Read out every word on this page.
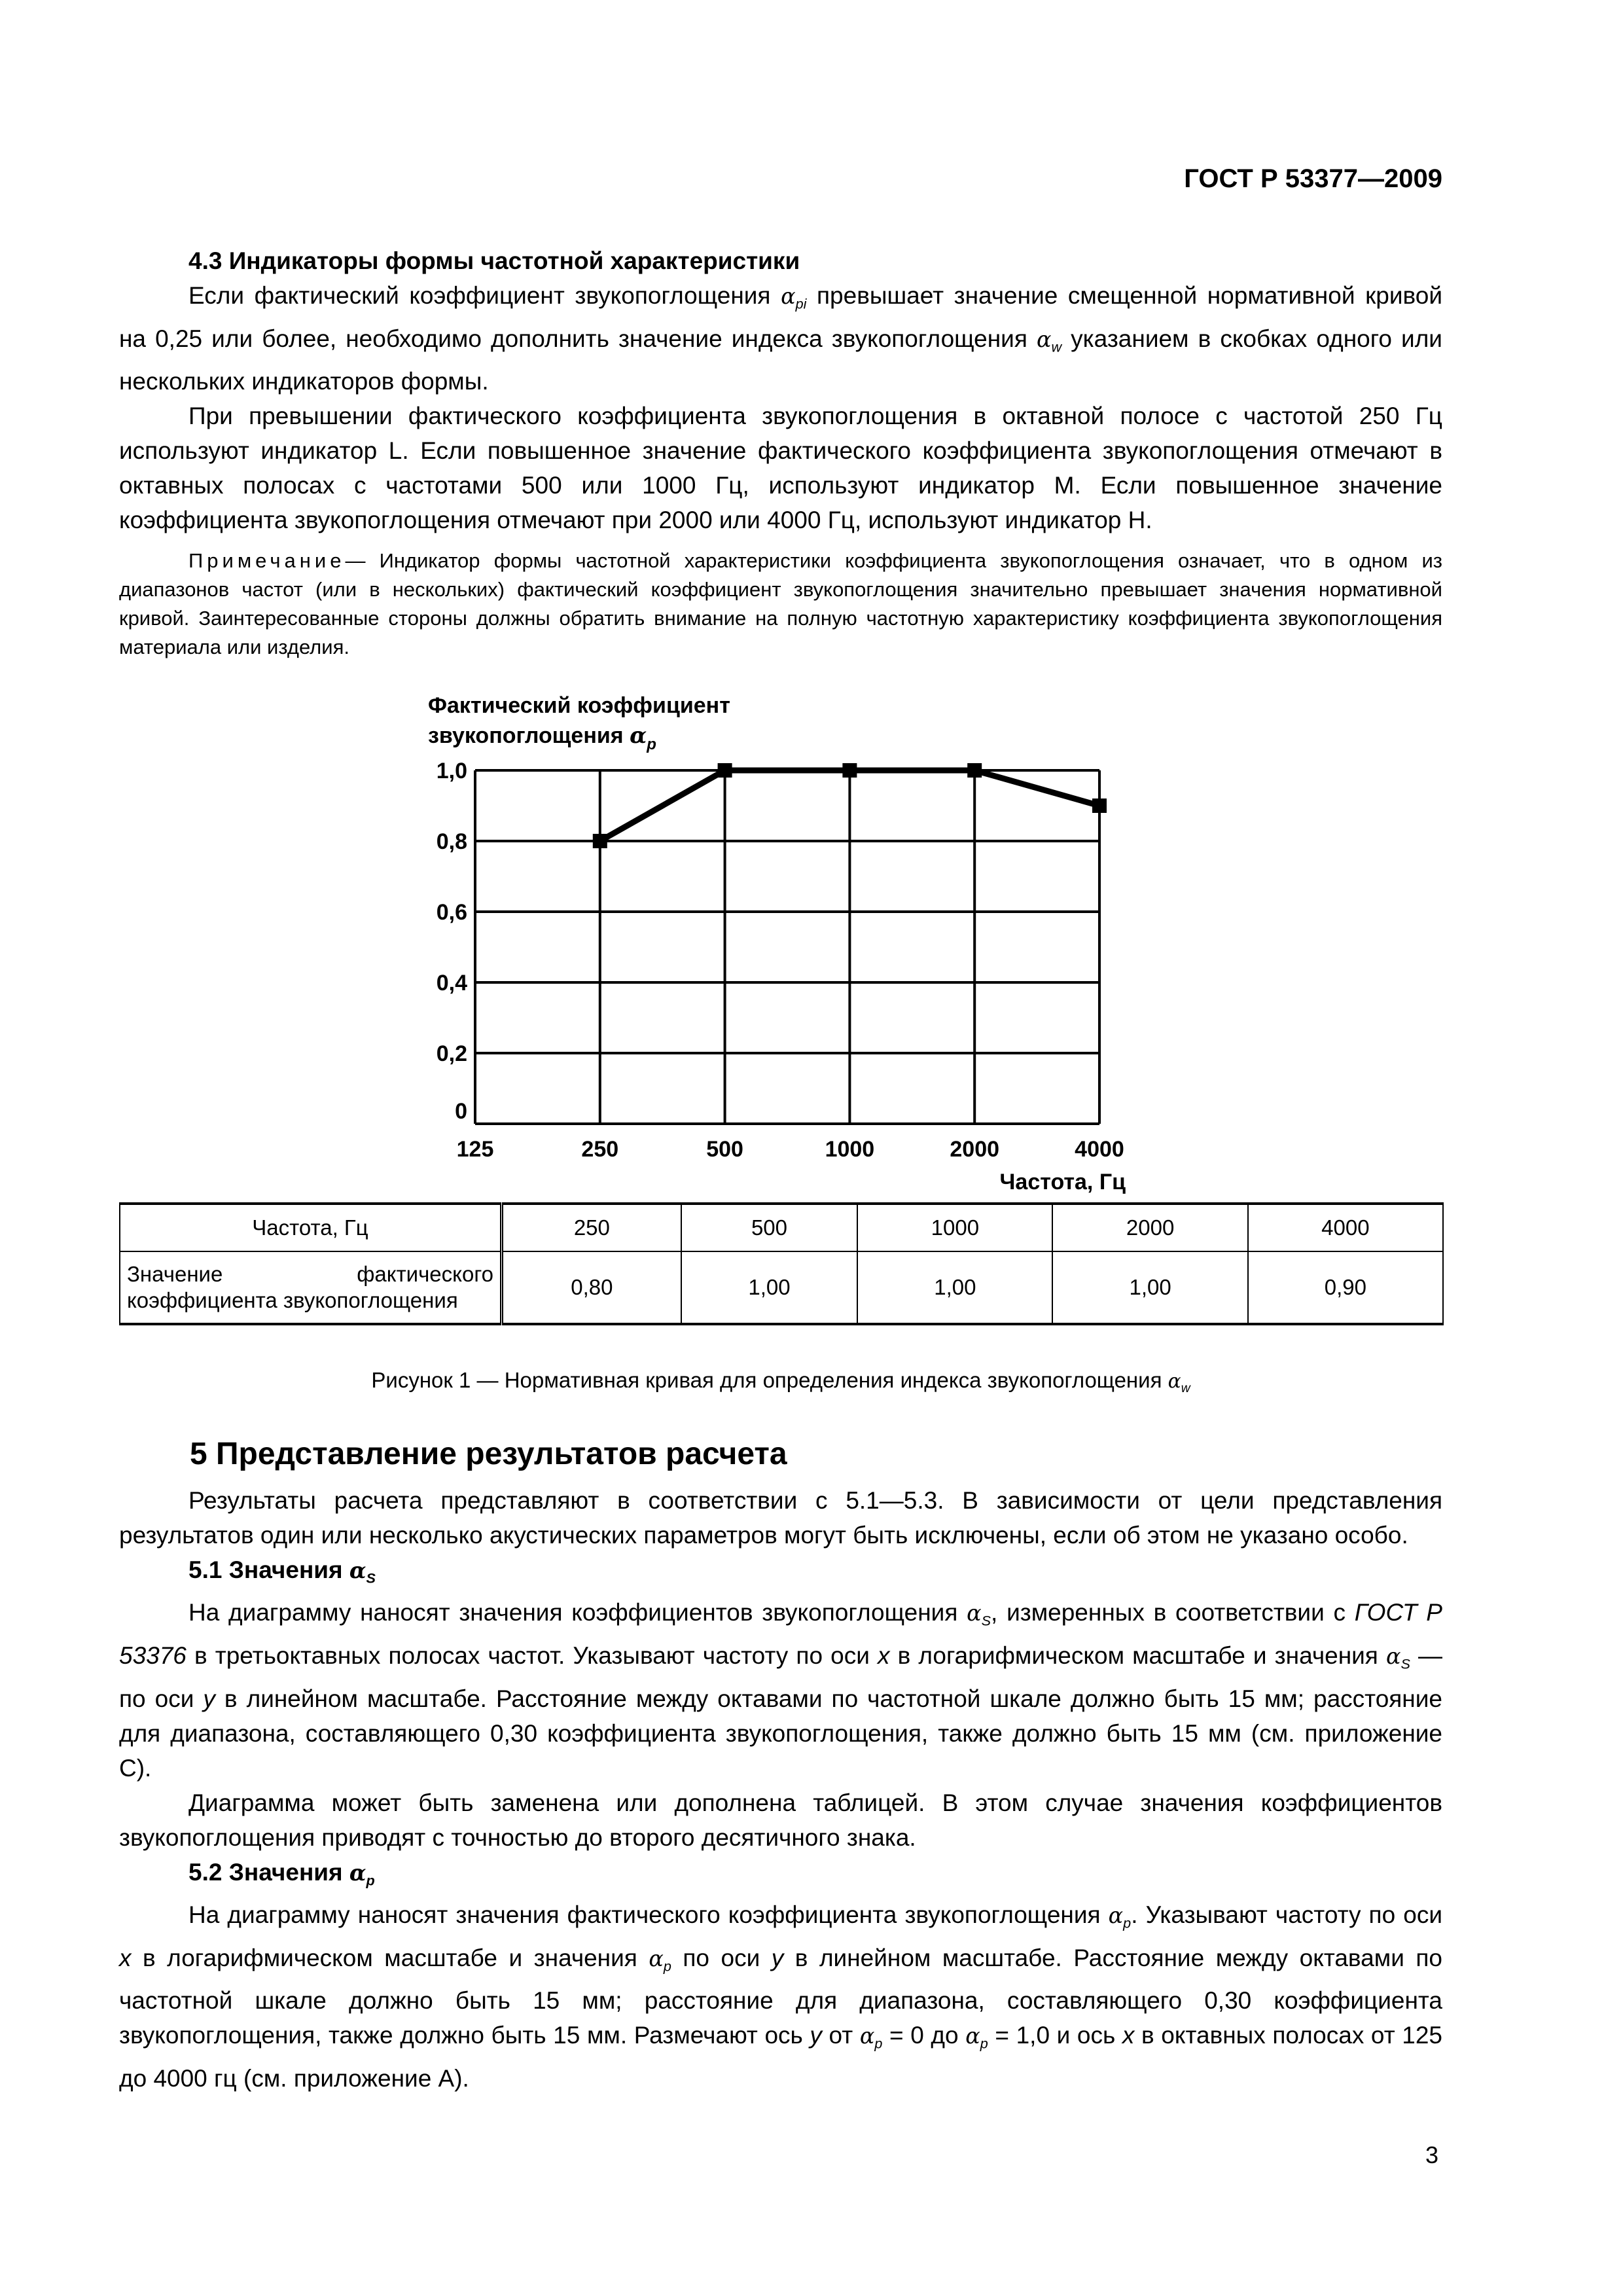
ГОСТ Р 53377—2009
4.3 Индикаторы формы частотной характеристики

Если фактический коэффициент звукопоглощения $\alpha_{pi}$ превышает значение смещенной нормативной кривой на 0,25 или более, необходимо дополнить значение индекса звукопоглощения $\alpha_w$ указанием в скобках одного или нескольких индикаторов формы.

При превышении фактического коэффициента звукопоглощения в октавной полосе с частотой 250 Гц используют индикатор L. Если повышенное значение фактического коэффициента звукопоглощения отмечают в октавных полосах с частотами 500 или 1000 Гц, используют индикатор М. Если повышенное значение коэффициента звукопоглощения отмечают при 2000 или 4000 Гц, используют индикатор Н.

Примечание— Индикатор формы частотной характеристики коэффициента звукопоглощения означает, что в одном из диапазонов частот (или в нескольких) фактический коэффициент звукопоглощения значительно превышает значения нормативной кривой. Заинтересованные стороны должны обратить внимание на полную частотную характеристику коэффициента звукопоглощения материала или изделия.

0
0,2
0,4
0,6
0,8
1,0
125	250	500	1000	2000	4000
Фактический коэффициент
звукопоглощения $\alpha_p$
Частота, Гц
Частота, Гц	250	500	1000	2000	4000
Значение фактического коэффициента звукопоглощения	0,80	1,00	1,00	1,00	0,90
Рисунок 1 — Нормативная кривая для определения индекса звукопоглощения $\alpha_w$
5 Представление результатов расчета

Результаты расчета представляют в соответствии с 5.1—5.3. В зависимости от цели представления результатов один или несколько акустических параметров могут быть исключены, если об этом не указано особо.

5.1 Значения $\alpha_S$

На диаграмму наносят значения коэффициентов звукопоглощения $\alpha_S$, измеренных в соответствии с ГОСТ Р 53376 в третьоктавных полосах частот. Указывают частоту по оси x в логарифмическом масштабе и значения $\alpha_S$ — по оси y в линейном масштабе. Расстояние между октавами по частотной шкале должно быть 15 мм; расстояние для диапазона, составляющего 0,30 коэффициента звукопоглощения, также должно быть 15 мм (см. приложение С).

Диаграмма может быть заменена или дополнена таблицей. В этом случае значения коэффициентов звукопоглощения приводят с точностью до второго десятичного знака.

5.2 Значения $\alpha_p$

На диаграмму наносят значения фактического коэффициента звукопоглощения $\alpha_p$. Указывают частоту по оси x в логарифмическом масштабе и значения $\alpha_p$ по оси y в линейном масштабе. Расстояние между октавами по частотной шкале должно быть 15 мм; расстояние для диапазона, составляющего 0,30 коэффициента звукопоглощения, также должно быть 15 мм. Размечают ось y от $\alpha_p = 0$ до $\alpha_p = 1,0$ и ось x в октавных полосах от 125 до 4000 гц (см. приложение А).

3
